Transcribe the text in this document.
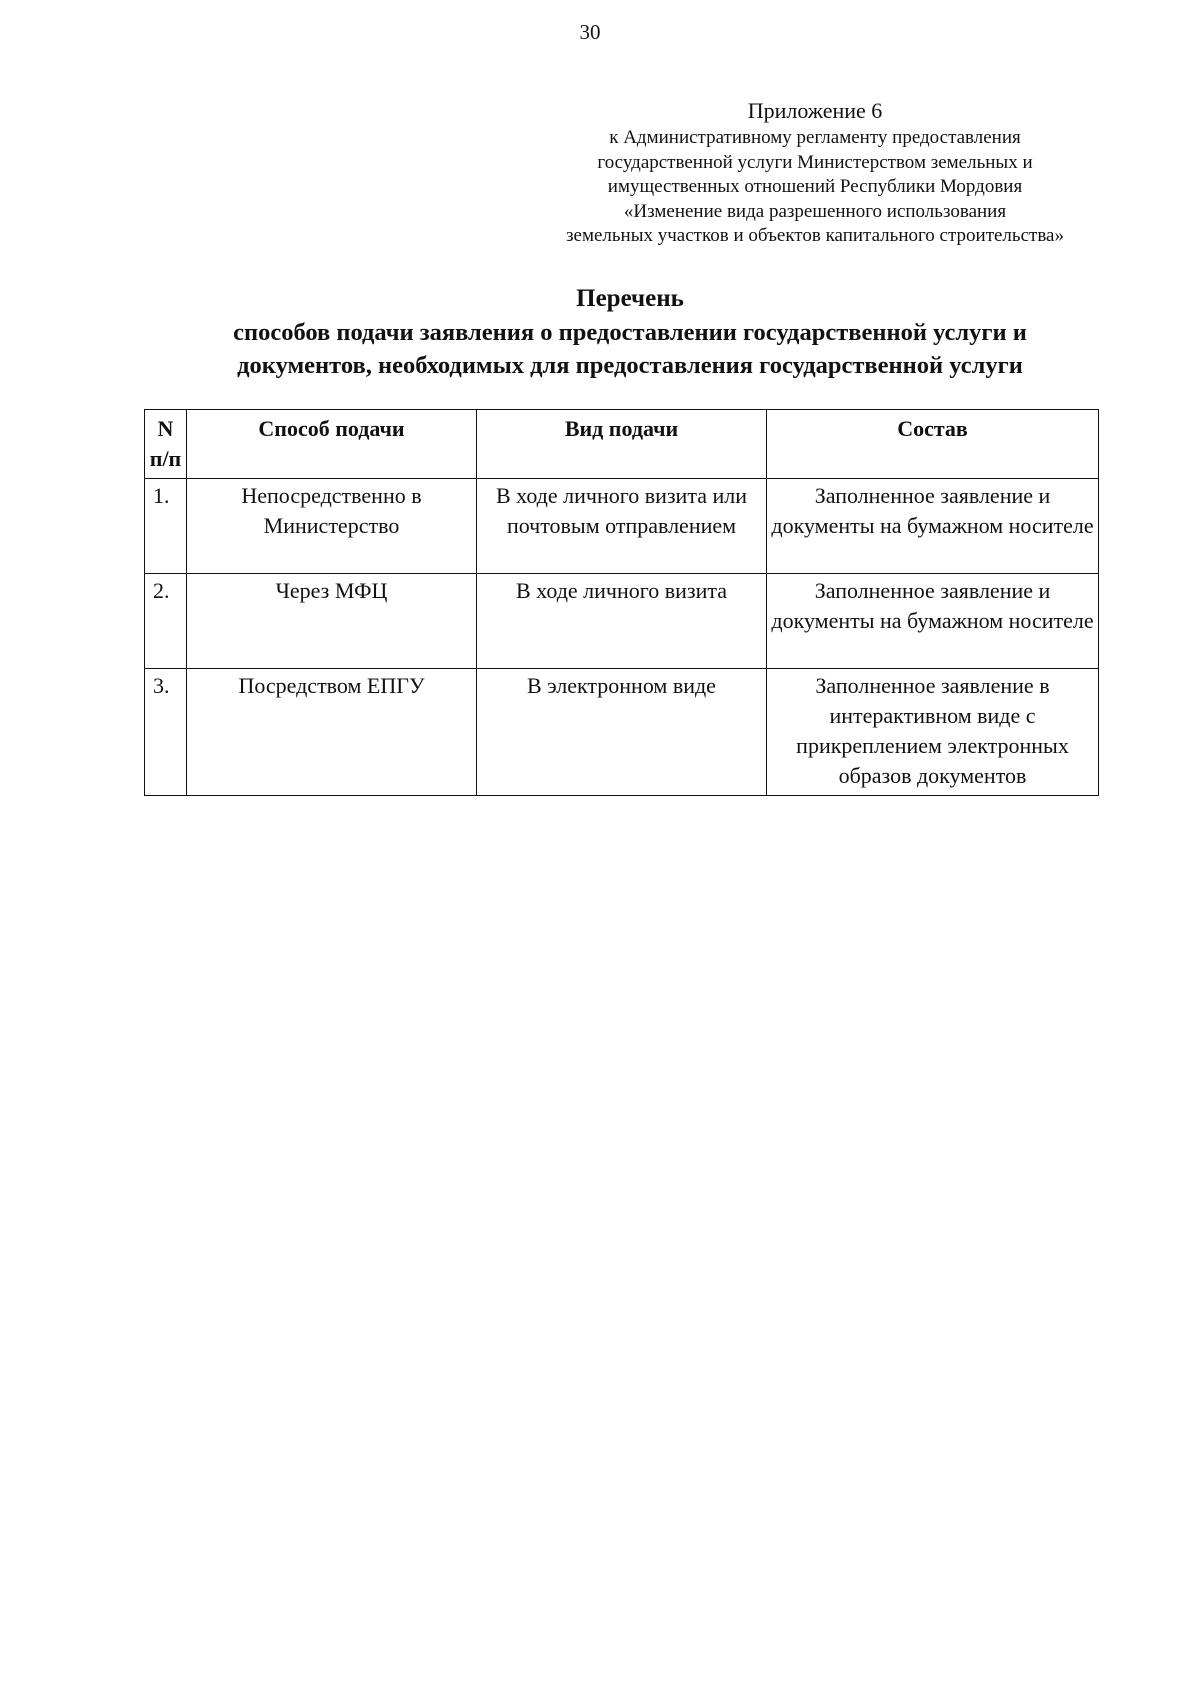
30
Приложение 6
к Административному регламенту предоставления
государственной услуги Министерством земельных и
имущественных отношений Республики Мордовия
«Изменение вида разрешенного использования
земельных участков и объектов капитального строительства»
Перечень
способов подачи заявления о предоставлении государственной услуги и
документов, необходимых для предоставления государственной услуги
N п/п	Способ подачи	Вид подачи	Состав
1.	Непосредственно в Министерство	В ходе личного визита или почтовым отправлением	Заполненное заявление и документы на бумажном носителе
2.	Через МФЦ	В ходе личного визита	Заполненное заявление и документы на бумажном носителе
3.	Посредством ЕПГУ	В электронном виде	Заполненное заявление в интерактивном виде с прикреплением электронных образов документов
